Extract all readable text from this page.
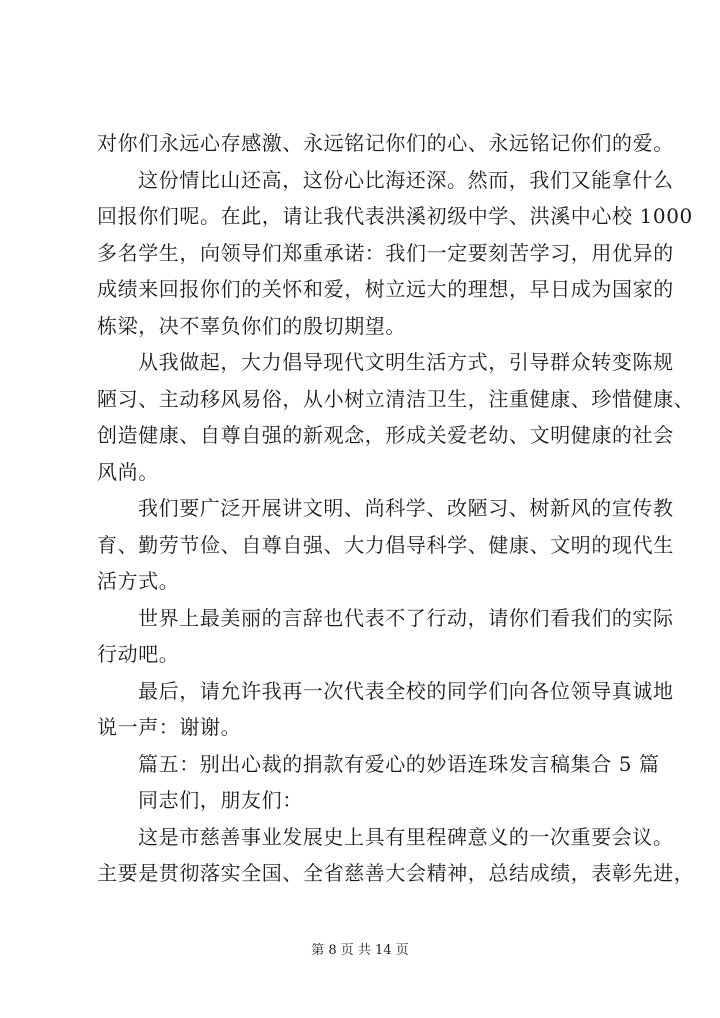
对你们永远心存感激、永远铭记你们的心、永远铭记你们的爱。

这份情比山还高，这份心比海还深。然而，我们又能拿什么

回报你们呢。在此，请让我代表洪溪初级中学、洪溪中心校 1000

多名学生，向领导们郑重承诺：我们一定要刻苦学习，用优异的

成绩来回报你们的关怀和爱，树立远大的理想，早日成为国家的

栋梁，决不辜负你们的殷切期望。

从我做起，大力倡导现代文明生活方式，引导群众转变陈规

陋习、主动移风易俗，从小树立清洁卫生，注重健康、珍惜健康、

创造健康、自尊自强的新观念，形成关爱老幼、文明健康的社会

风尚。

我们要广泛开展讲文明、尚科学、改陋习、树新风的宣传教

育、勤劳节俭、自尊自强、大力倡导科学、健康、文明的现代生

活方式。

世界上最美丽的言辞也代表不了行动，请你们看我们的实际

行动吧。

最后，请允许我再一次代表全校的同学们向各位领导真诚地

说一声：谢谢。

篇五：别出心裁的捐款有爱心的妙语连珠发言稿集合 5 篇

同志们，朋友们：

这是市慈善事业发展史上具有里程碑意义的一次重要会议。

主要是贯彻落实全国、全省慈善大会精神，总结成绩，表彰先进，

第 8 页 共 14 页
